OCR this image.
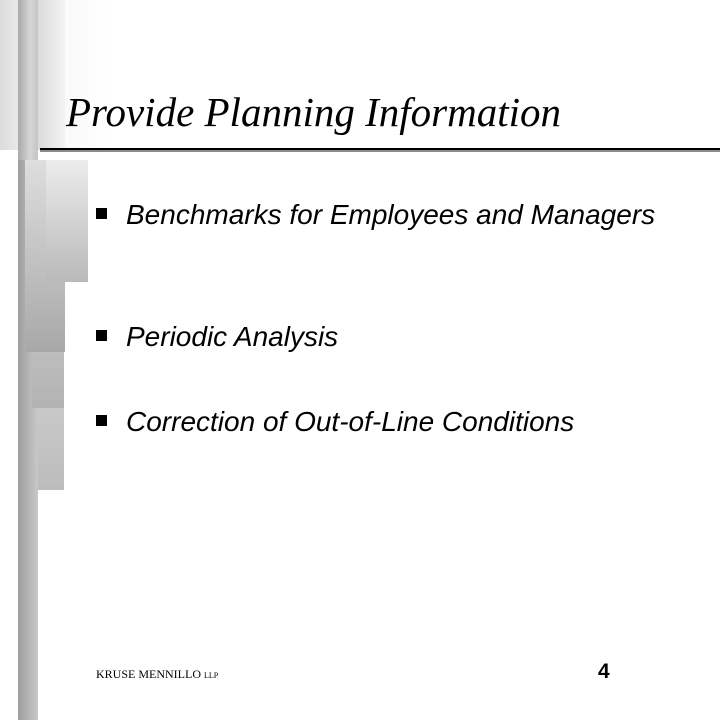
Provide Planning Information
Benchmarks for Employees and Managers
Periodic Analysis
Correction of Out-of-Line Conditions
KRUSE MENNILLO LLP	4
